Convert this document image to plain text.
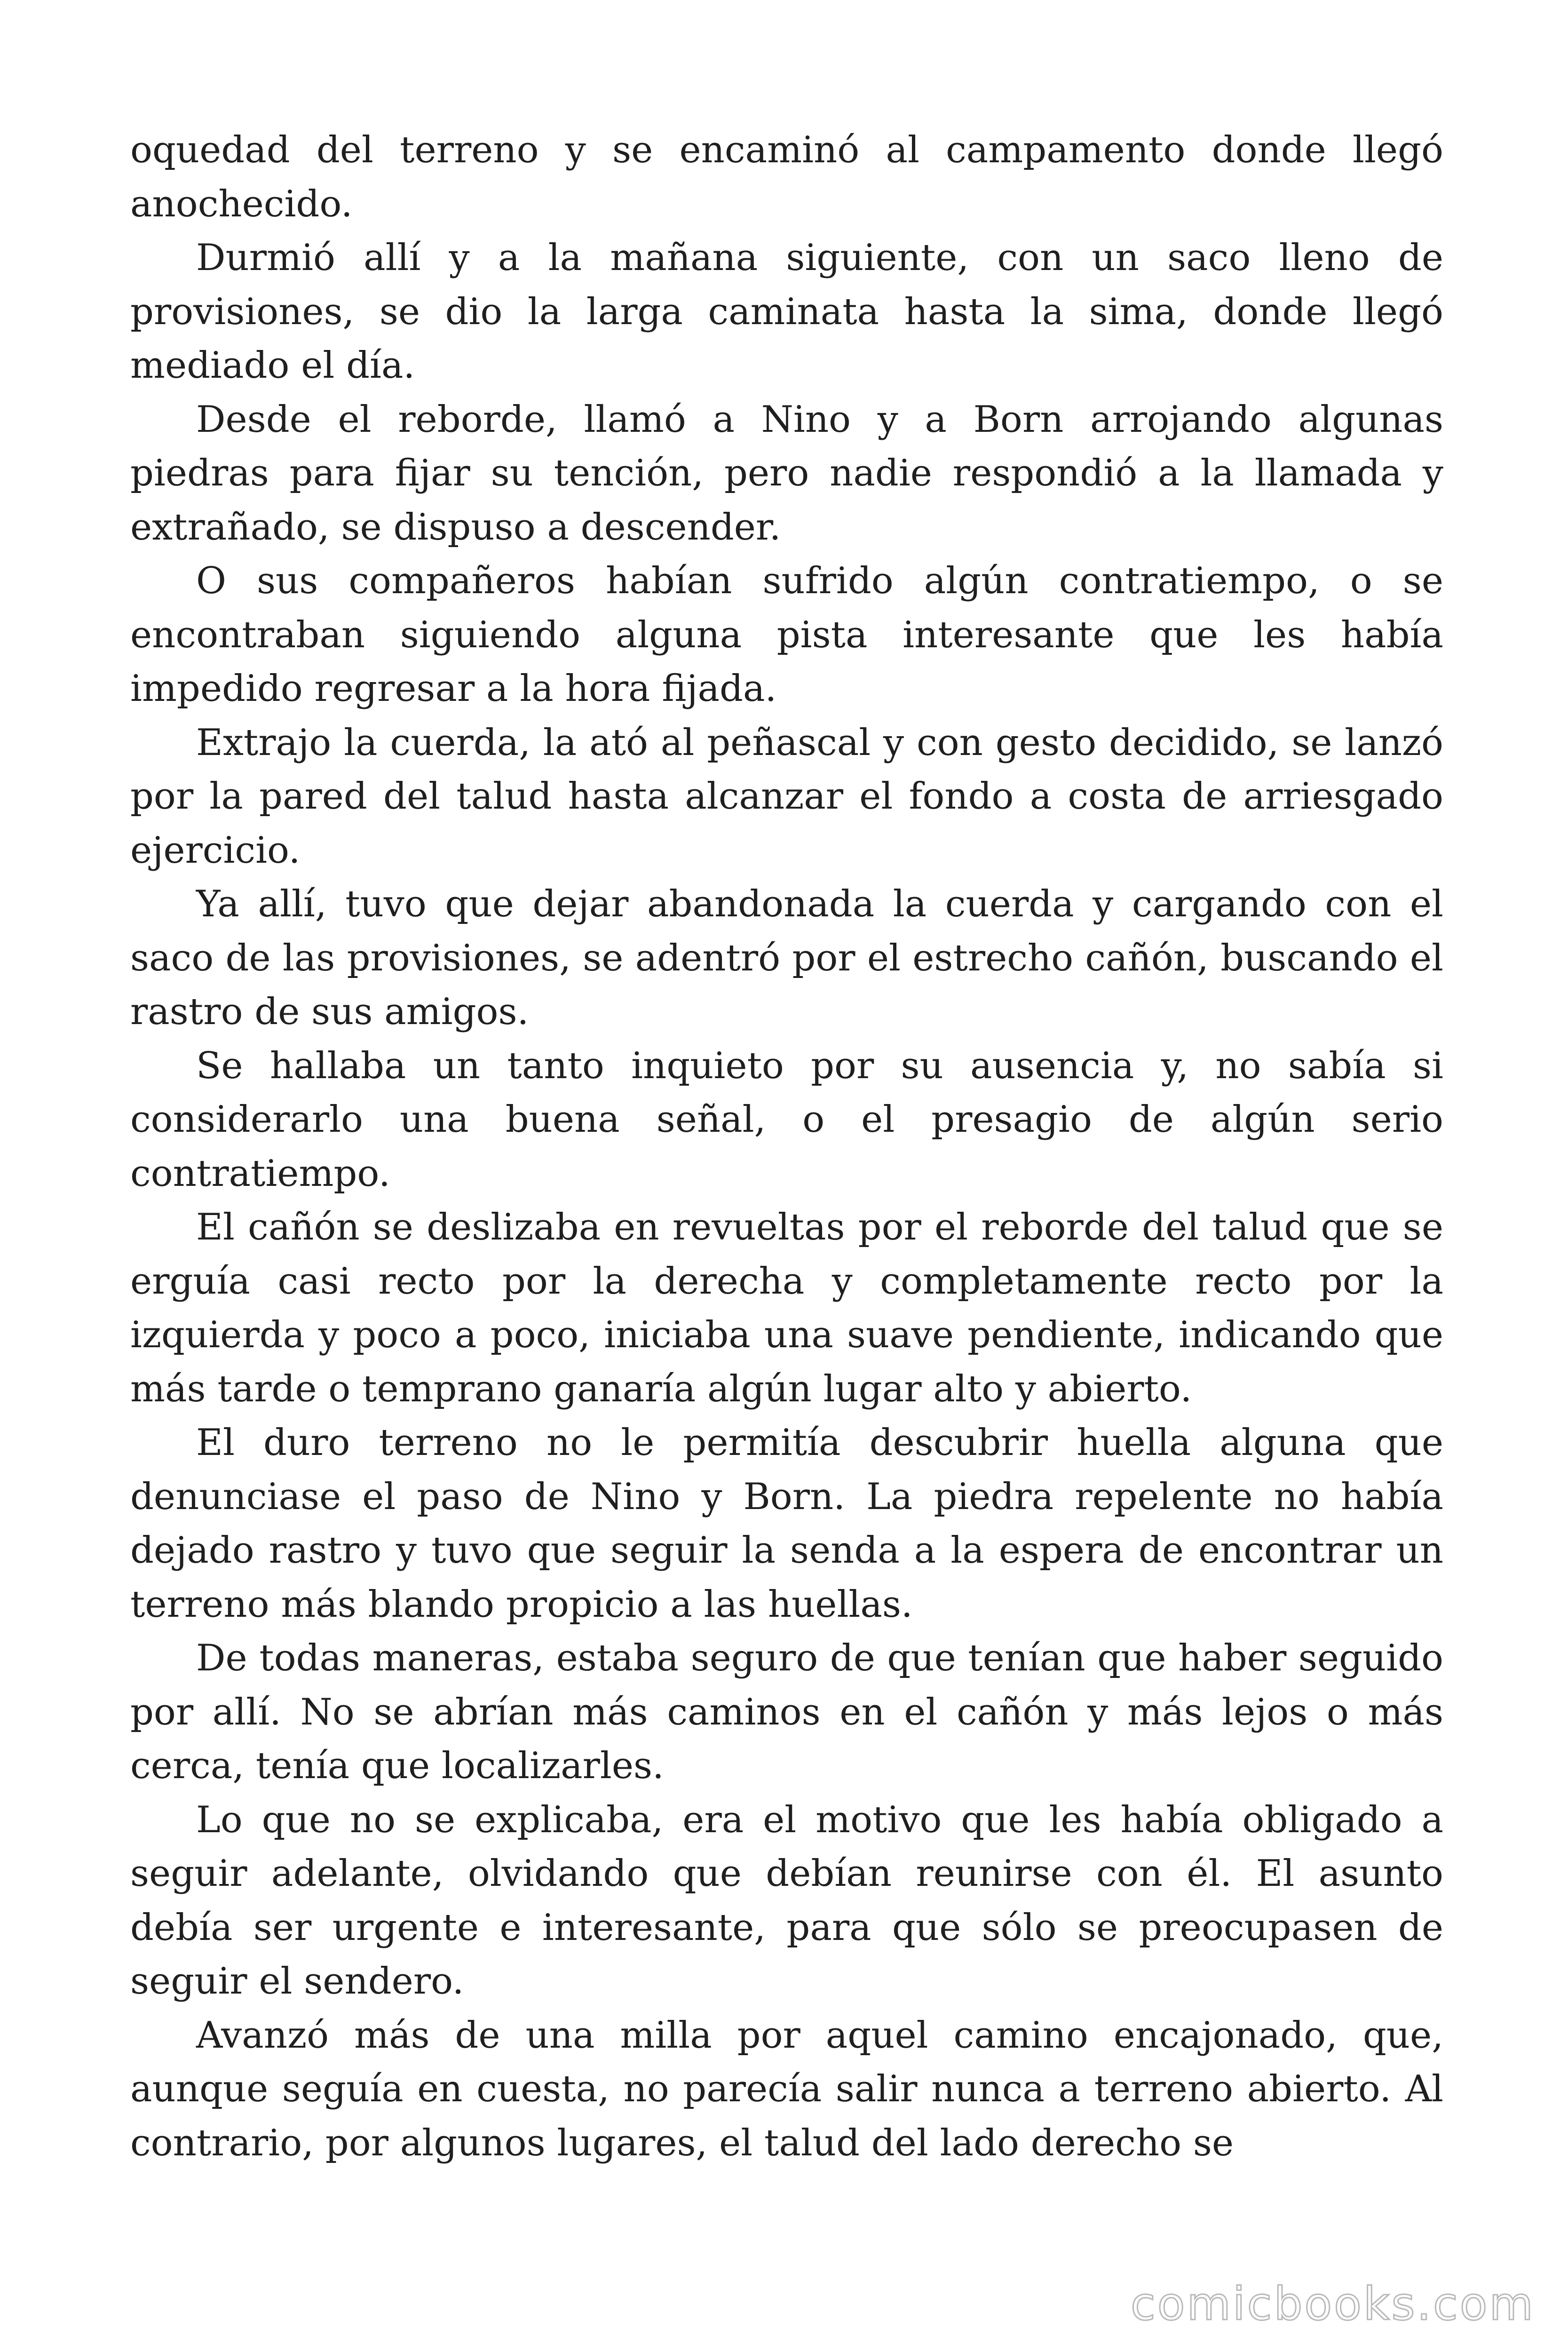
oquedad del terreno y se encaminó al campamento donde llegó anochecido.

Durmió allí y a la mañana siguiente, con un saco lleno de provisiones, se dio la larga caminata hasta la sima, donde llegó mediado el día.

Desde el reborde, llamó a Nino y a Born arrojando algunas piedras para fijar su tención, pero nadie respondió a la llamada y extrañado, se dispuso a descender.

O sus compañeros habían sufrido algún contratiempo, o se encontraban siguiendo alguna pista interesante que les había impedido regresar a la hora fijada.

Extrajo la cuerda, la ató al peñascal y con gesto decidido, se lanzó por la pared del talud hasta alcanzar el fondo a costa de arriesgado ejercicio.

Ya allí, tuvo que dejar abandonada la cuerda y cargando con el saco de las provisiones, se adentró por el estrecho cañón, buscando el rastro de sus amigos.

Se hallaba un tanto inquieto por su ausencia y, no sabía si considerarlo una buena señal, o el presagio de algún serio contratiempo.

El cañón se deslizaba en revueltas por el reborde del talud que se erguía casi recto por la derecha y completamente recto por la izquierda y poco a poco, iniciaba una suave pendiente, indicando que más tarde o temprano ganaría algún lugar alto y abierto.

El duro terreno no le permitía descubrir huella alguna que denunciase el paso de Nino y Born. La piedra repelente no había dejado rastro y tuvo que seguir la senda a la espera de encontrar un terreno más blando propicio a las huellas.

De todas maneras, estaba seguro de que tenían que haber seguido por allí. No se abrían más caminos en el cañón y más lejos o más cerca, tenía que localizarles.

Lo que no se explicaba, era el motivo que les había obligado a seguir adelante, olvidando que debían reunirse con él. El asunto debía ser urgente e interesante, para que sólo se preocupasen de seguir el sendero.

Avanzó más de una milla por aquel camino encajonado, que, aunque seguía en cuesta, no parecía salir nunca a terreno abierto. Al contrario, por algunos lugares, el talud del lado derecho se

comicbooks.com
